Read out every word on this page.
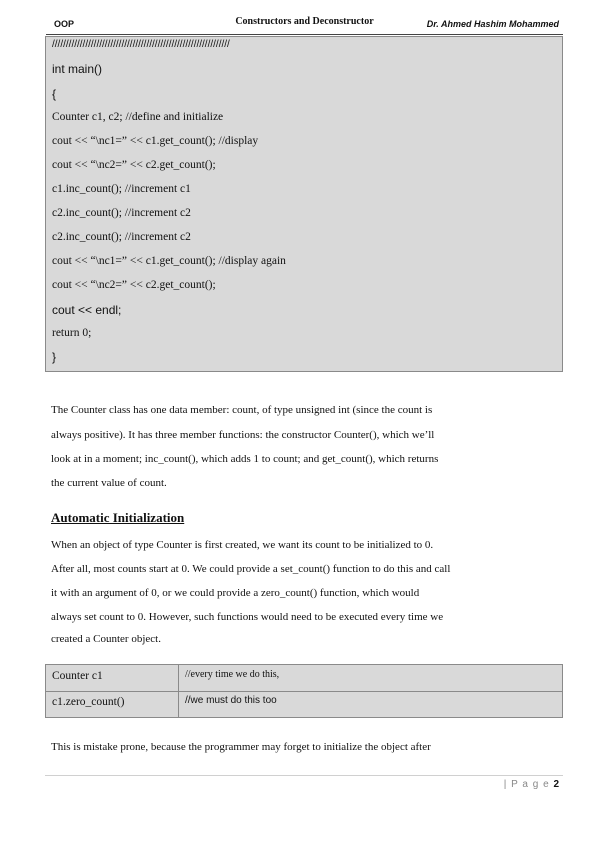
OOP	Constructors and Deconstructor	Dr. Ahmed Hashim Mohammed
////////////////////////////////////////////////////////////////
int main()
{
Counter c1, c2; //define and initialize
cout << “\nc1=” << c1.get_count(); //display
cout << “\nc2=” << c2.get_count();
c1.inc_count(); //increment c1
c2.inc_count(); //increment c2
c2.inc_count(); //increment c2
cout << “\nc1=” << c1.get_count(); //display again
cout << “\nc2=” << c2.get_count();
cout << endl;
return 0;
}
The Counter class has one data member: count, of type unsigned int (since the count is
always positive). It has three member functions: the constructor Counter(), which we’ll
look at in a moment; inc_count(), which adds 1 to count; and get_count(), which returns
the current value of count.
Automatic Initialization
When an object of type Counter is first created, we want its count to be initialized to 0.
After all, most counts start at 0. We could provide a set_count() function to do this and call
it with an argument of 0, or we could provide a zero_count() function, which would
always set count to 0. However, such functions would need to be executed every time we
created a Counter object.
Counter c1	//every time we do this,
c1.zero_count()	//we must do this too
This is mistake prone, because the programmer may forget to initialize the object after
| P a g e 2
